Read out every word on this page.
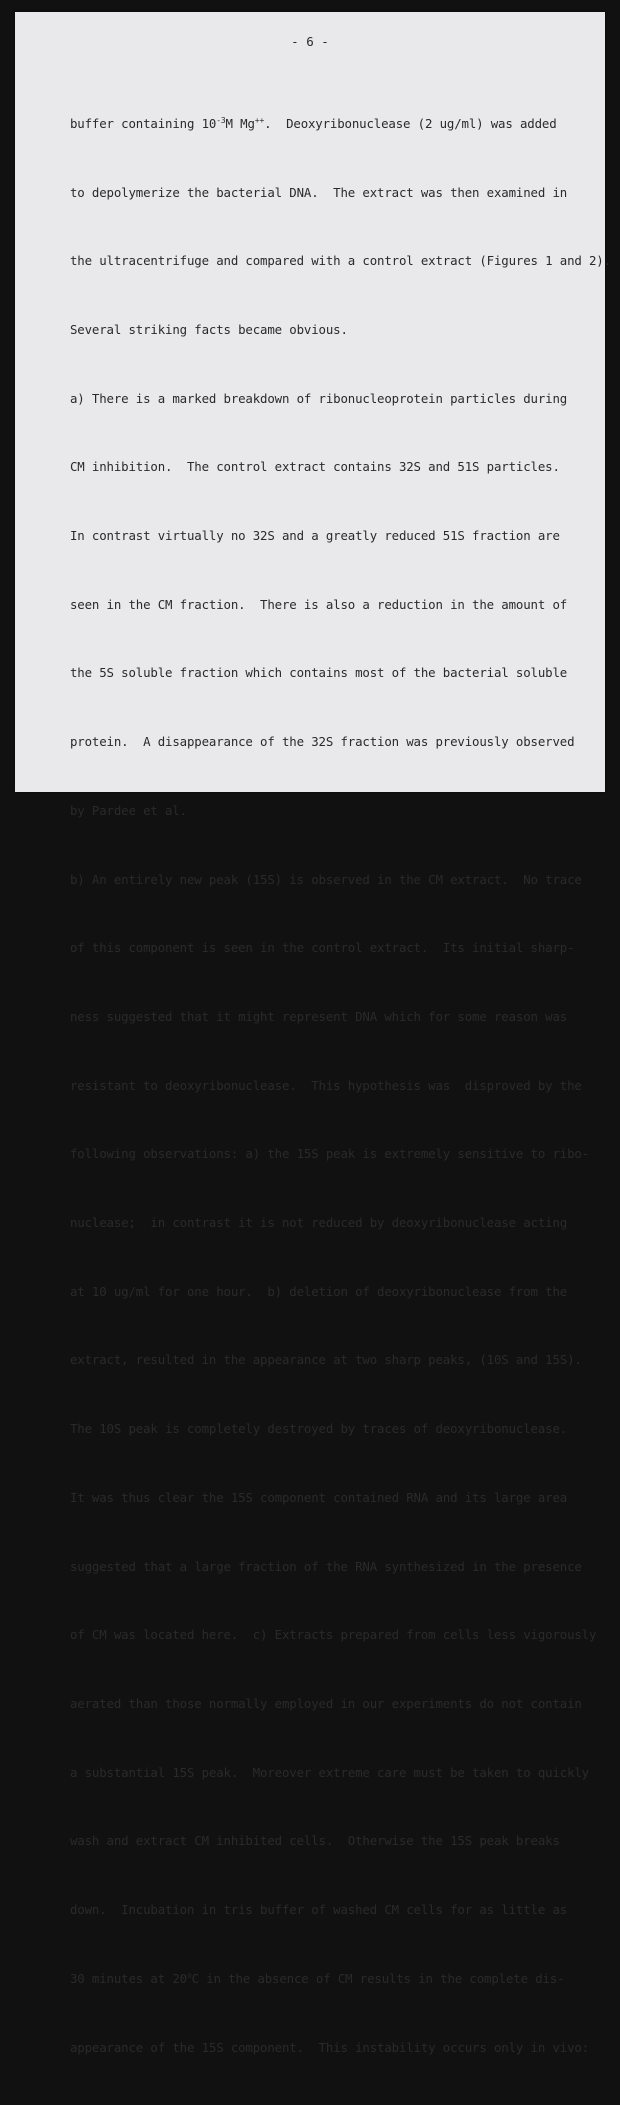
- 6 -

buffer containing $10^{-3}M$ Mg++.  Deoxyribonuclease (2 ug/ml) was added

to depolymerize the bacterial DNA.  The extract was then examined in

the ultracentrifuge and compared with a control extract (Figures 1 and 2).

Several striking facts became obvious.

a) There is a marked breakdown of ribonucleoprotein particles during

CM inhibition.  The control extract contains 32S and 51S particles.

In contrast virtually no 32S and a greatly reduced 51S fraction are

seen in the CM fraction.  There is also a reduction in the amount of

the 5S soluble fraction which contains most of the bacterial soluble

protein.  A disappearance of the 32S fraction was previously observed

by Pardee et al.

b) An entirely new peak (15S) is observed in the CM extract.  No trace

of this component is seen in the control extract.  Its initial sharp-

ness suggested that it might represent DNA which for some reason was

resistant to deoxyribonuclease.  This hypothesis was  disproved by the

following observations: a) the 15S peak is extremely sensitive to ribo-

nuclease;  in contrast it is not reduced by deoxyribonuclease acting

at 10 ug/ml for one hour.  b) deletion of deoxyribonuclease from the

extract, resulted in the appearance at two sharp peaks, (10S and 15S).

The 10S peak is completely destroyed by traces of deoxyribonuclease.

It was thus clear the 15S component contained RNA and its large area

suggested that a large fraction of the RNA synthesized in the presence

of CM was located here.  c) Extracts prepared from cells less vigorously

aerated than those normally employed in our experiments do not contain

a substantial 15S peak.  Moreover extreme care must be taken to quickly

wash and extract CM inhibited cells.  Otherwise the 15S peak breaks

down.  Incubation in tris buffer of washed CM cells for as little as

30 minutes at 20$^o$C in the absence of CM results in the complete dis-

appearance of the 15S component.  This instability occurs only in vivo:
